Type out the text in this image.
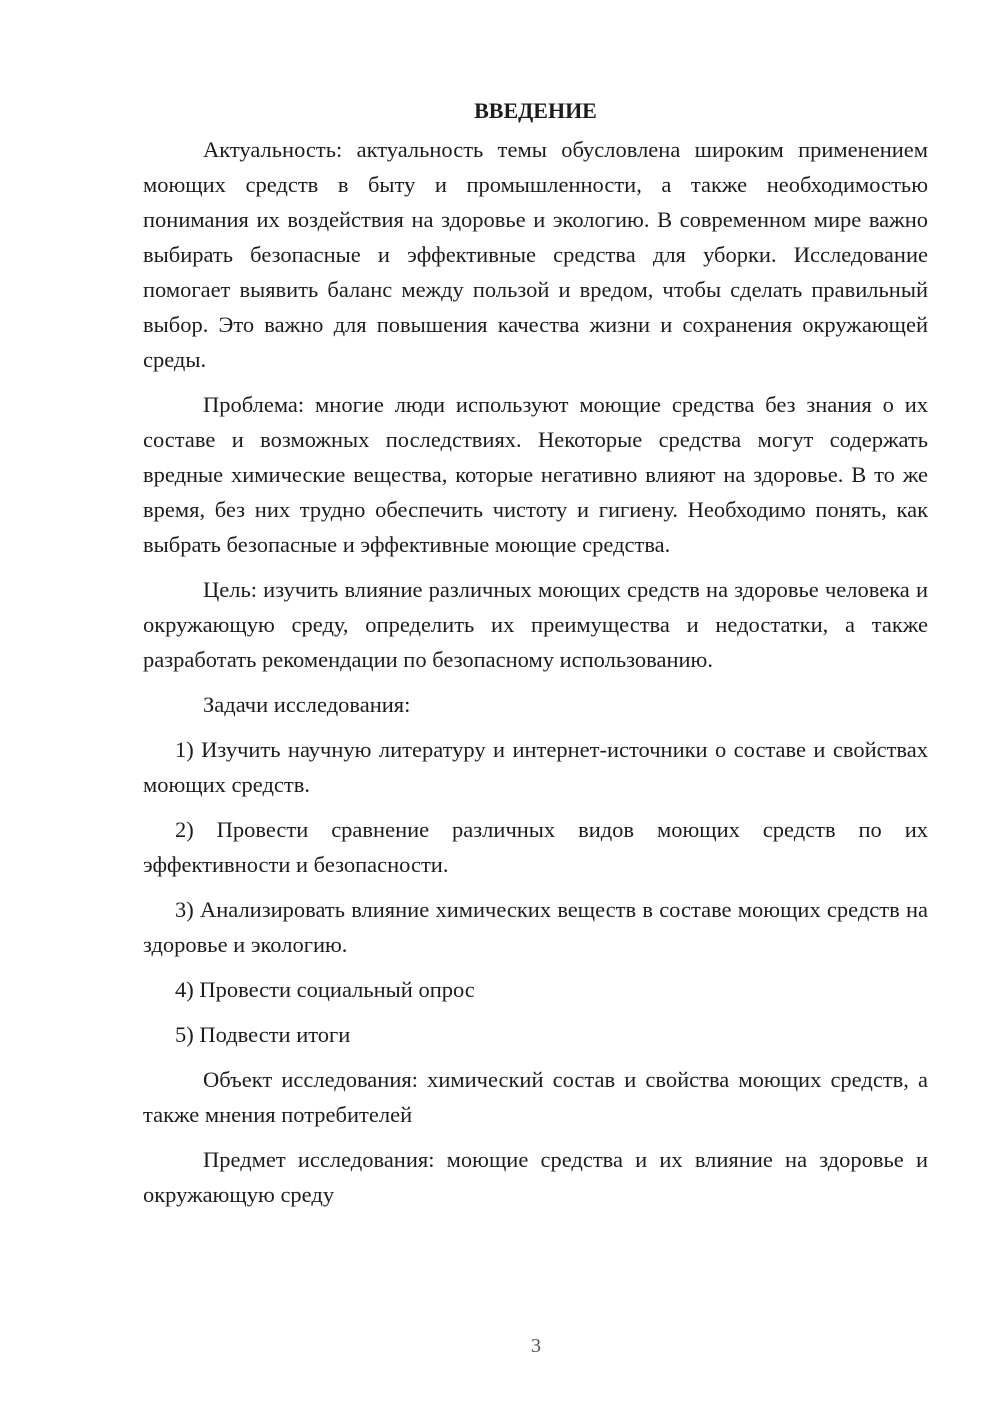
ВВЕДЕНИЕ

Актуальность: актуальность темы обусловлена широким применением моющих средств в быту и промышленности, а также необходимостью понимания их воздействия на здоровье и экологию. В современном мире важно выбирать безопасные и эффективные средства для уборки. Исследование помогает выявить баланс между пользой и вредом, чтобы сделать правильный выбор. Это важно для повышения качества жизни и сохранения окружающей среды.

Проблема: многие люди используют моющие средства без знания о их составе и возможных последствиях. Некоторые средства могут содержать вредные химические вещества, которые негативно влияют на здоровье. В то же время, без них трудно обеспечить чистоту и гигиену. Необходимо понять, как выбрать безопасные и эффективные моющие средства.

Цель: изучить влияние различных моющих средств на здоровье человека и окружающую среду, определить их преимущества и недостатки, а также разработать рекомендации по безопасному использованию.

Задачи исследования:

1) Изучить научную литературу и интернет-источники о составе и свойствах моющих средств.

2) Провести сравнение различных видов моющих средств по их эффективности и безопасности.

3) Анализировать влияние химических веществ в составе моющих средств на здоровье и экологию.

4) Провести социальный опрос

5) Подвести итоги

Объект исследования: химический состав и свойства моющих средств, а также мнения потребителей

Предмет исследования: моющие средства и их влияние на здоровье и окружающую среду

3
